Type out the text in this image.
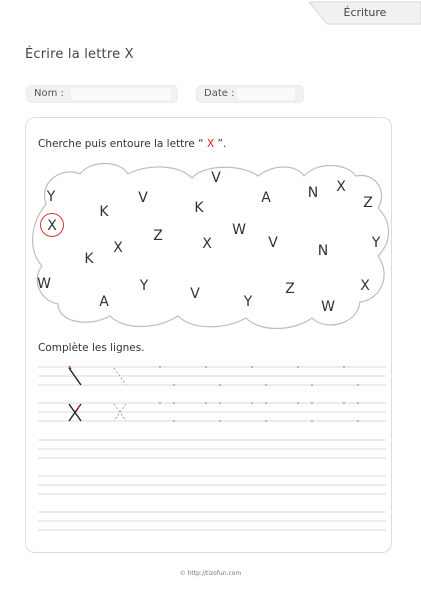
Écriture
Écrire la lettre X
Nom :	Date :
Cherche puis entoure la lettre “ X ”.
Y
V
K
V
K
A	N X
Z
X
K
X
Z	X
W
V	N	Y
W
A
Y	V	Y
Z
W
X
Complète les lignes.
© http://tizofun.com
